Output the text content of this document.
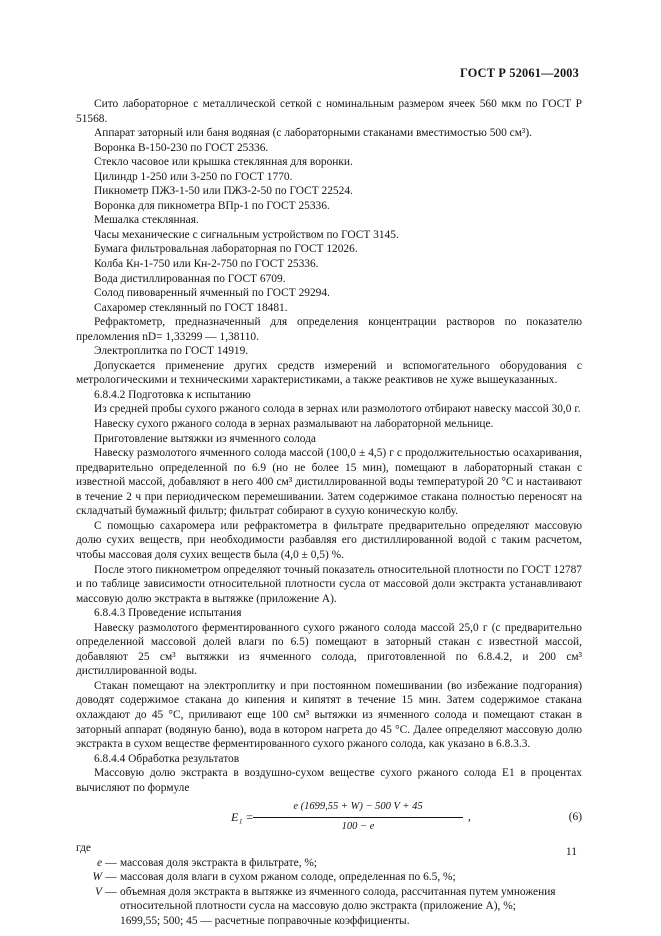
ГОСТ Р 52061—2003

Сито лабораторное с металлической сеткой с номинальным размером ячеек 560 мкм по ГОСТ Р 51568.

Аппарат заторный или баня водяная (с лабораторными стаканами вместимостью 500 см³).

Воронка В-150-230 по ГОСТ 25336.

Стекло часовое или крышка стеклянная для воронки.

Цилиндр 1-250 или 3-250 по ГОСТ 1770.

Пикнометр ПЖЗ-1-50 или ПЖЗ-2-50 по ГОСТ 22524.

Воронка для пикнометра ВПр-1 по ГОСТ 25336.

Мешалка стеклянная.

Часы механические с сигнальным устройством по ГОСТ 3145.

Бумага фильтровальная лабораторная по ГОСТ 12026.

Колба Кн-1-750 или Кн-2-750 по ГОСТ 25336.

Вода дистиллированная по ГОСТ 6709.

Солод пивоваренный ячменный по ГОСТ 29294.

Сахаромер стеклянный по ГОСТ 18481.

Рефрактометр, предназначенный для определения концентрации растворов по показателю преломления nD= 1,33299 — 1,38110.

Электроплитка по ГОСТ 14919.

Допускается применение других средств измерений и вспомогательного оборудования с метрологическими и техническими характеристиками, а также реактивов не хуже вышеуказанных.

6.8.4.2 Подготовка к испытанию

Из средней пробы сухого ржаного солода в зернах или размолотого отбирают навеску массой 30,0 г.

Навеску сухого ржаного солода в зернах размалывают на лабораторной мельнице.

Приготовление вытяжки из ячменного солода

Навеску размолотого ячменного солода массой (100,0 ± 4,5) г с продолжительностью осахаривания, предварительно определенной по 6.9 (но не более 15 мин), помещают в лабораторный стакан с известной массой, добавляют в него 400 см³ дистиллированной воды температурой 20 °С и настаивают в течение 2 ч при периодическом перемешивании. Затем содержимое стакана полностью переносят на складчатый бумажный фильтр; фильтрат собирают в сухую коническую колбу.

С помощью сахаромера или рефрактометра в фильтрате предварительно определяют массовую долю сухих веществ, при необходимости разбавляя его дистиллированной водой с таким расчетом, чтобы массовая доля сухих веществ была (4,0 ± 0,5) %.

После этого пикнометром определяют точный показатель относительной плотности по ГОСТ 12787 и по таблице зависимости относительной плотности сусла от массовой доли экстракта устанавливают массовую долю экстракта в вытяжке (приложение А).

6.8.4.3 Проведение испытания

Навеску размолотого ферментированного сухого ржаного солода массой 25,0 г (с предварительно определенной массовой долей влаги по 6.5) помещают в заторный стакан с известной массой, добавляют 25 см³ вытяжки из ячменного солода, приготовленной по 6.8.4.2, и 200 см³ дистиллированной воды.

Стакан помещают на электроплитку и при постоянном помешивании (во избежание подгорания) доводят содержимое стакана до кипения и кипятят в течение 15 мин. Затем содержимое стакана охлаждают до 45 °С, приливают еще 100 см³ вытяжки из ячменного солода и помещают стакан в заторный аппарат (водяную баню), вода в котором нагрета до 45 °С. Далее определяют массовую долю экстракта в сухом веществе ферментированного сухого ржаного солода, как указано в 6.8.3.3.

6.8.4.4 Обработка результатов

Массовую долю экстракта в воздушно-сухом веществе сухого ржаного солода E1 в процентах вычисляют по формуле

$E_1 = \frac{e (1699,55 + W) - 500 V + 45}{100 - e}$ ,	(6)
где
e — массовая доля экстракта в фильтрате, %;
W — массовая доля влаги в сухом ржаном солоде, определенная по 6.5, %;
V — объемная доля экстракта в вытяжке из ячменного солода, рассчитанная путем умножения относительной плотности сусла на массовую долю экстракта (приложение А), %;

1699,55; 500; 45 — расчетные поправочные коэффициенты.

11
